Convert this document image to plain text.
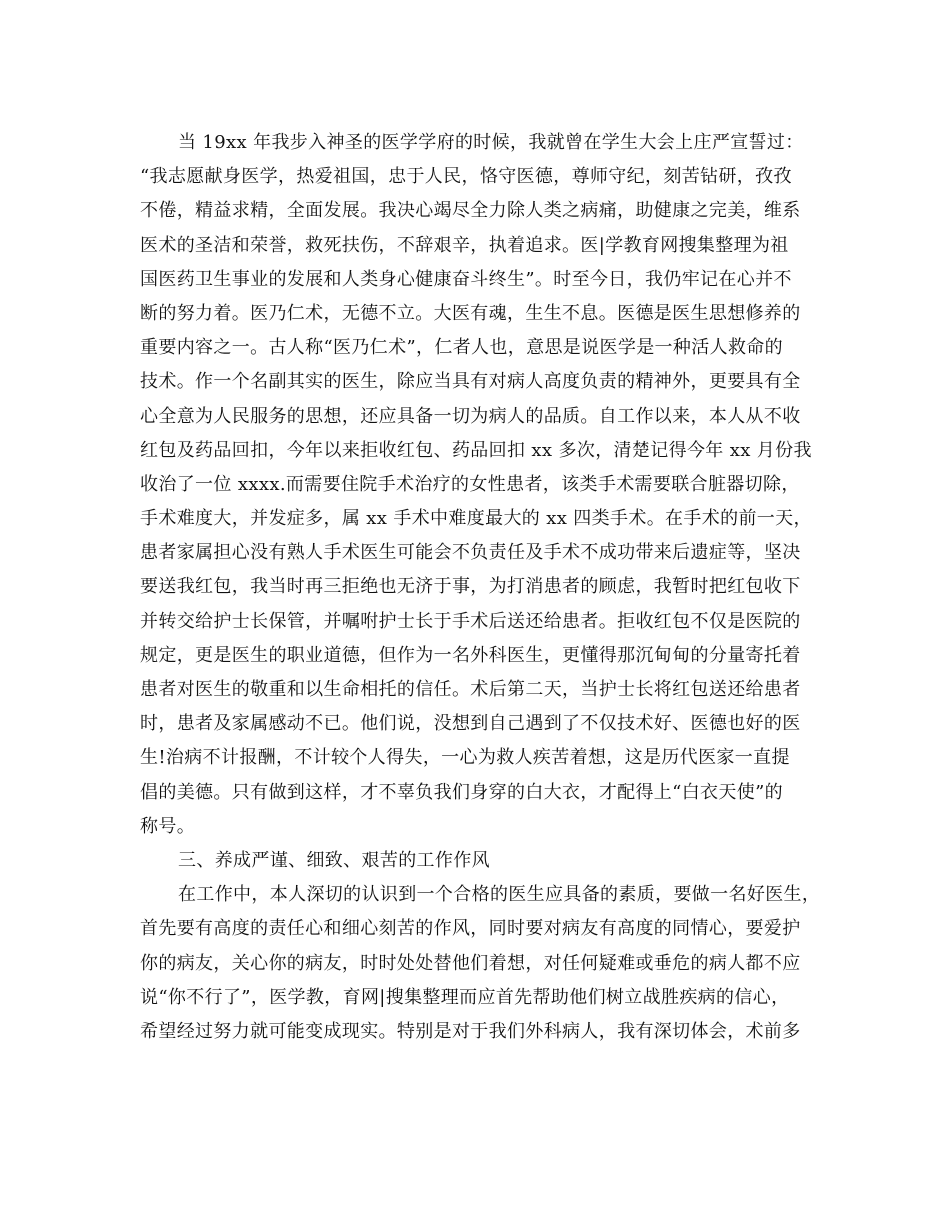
当 19xx 年我步入神圣的医学学府的时候，我就曾在学生大会上庄严宣誓过：
“我志愿献身医学，热爱祖国，忠于人民，恪守医德，尊师守纪，刻苦钻研，孜孜
不倦，精益求精，全面发展。我决心竭尽全力除人类之病痛，助健康之完美，维系
医术的圣洁和荣誉，救死扶伤，不辞艰辛，执着追求。医|学教育网搜集整理为祖
国医药卫生事业的发展和人类身心健康奋斗终生”。时至今日，我仍牢记在心并不
断的努力着。医乃仁术，无德不立。大医有魂，生生不息。医德是医生思想修养的
重要内容之一。古人称“医乃仁术”，仁者人也，意思是说医学是一种活人救命的
技术。作一个名副其实的医生，除应当具有对病人高度负责的精神外，更要具有全
心全意为人民服务的思想，还应具备一切为病人的品质。自工作以来，本人从不收
红包及药品回扣，今年以来拒收红包、药品回扣 xx 多次，清楚记得今年 xx 月份我
收治了一位 xxxx.而需要住院手术治疗的女性患者，该类手术需要联合脏器切除，
手术难度大，并发症多，属 xx 手术中难度最大的 xx 四类手术。在手术的前一天，
患者家属担心没有熟人手术医生可能会不负责任及手术不成功带来后遗症等，坚决
要送我红包，我当时再三拒绝也无济于事，为打消患者的顾虑，我暂时把红包收下
并转交给护士长保管，并嘱咐护士长于手术后送还给患者。拒收红包不仅是医院的
规定，更是医生的职业道德，但作为一名外科医生，更懂得那沉甸甸的分量寄托着
患者对医生的敬重和以生命相托的信任。术后第二天，当护士长将红包送还给患者
时，患者及家属感动不已。他们说，没想到自己遇到了不仅技术好、医德也好的医
生!治病不计报酬，不计较个人得失，一心为救人疾苦着想，这是历代医家一直提
倡的美德。只有做到这样，才不辜负我们身穿的白大衣，才配得上“白衣天使”的
称号。
三、养成严谨、细致、艰苦的工作作风
在工作中，本人深切的认识到一个合格的医生应具备的素质，要做一名好医生，
首先要有高度的责任心和细心刻苦的作风，同时要对病友有高度的同情心，要爱护
你的病友，关心你的病友，时时处处替他们着想，对任何疑难或垂危的病人都不应
说“你不行了”，医学教，育网|搜集整理而应首先帮助他们树立战胜疾病的信心，
希望经过努力就可能变成现实。特别是对于我们外科病人，我有深切体会，术前多
